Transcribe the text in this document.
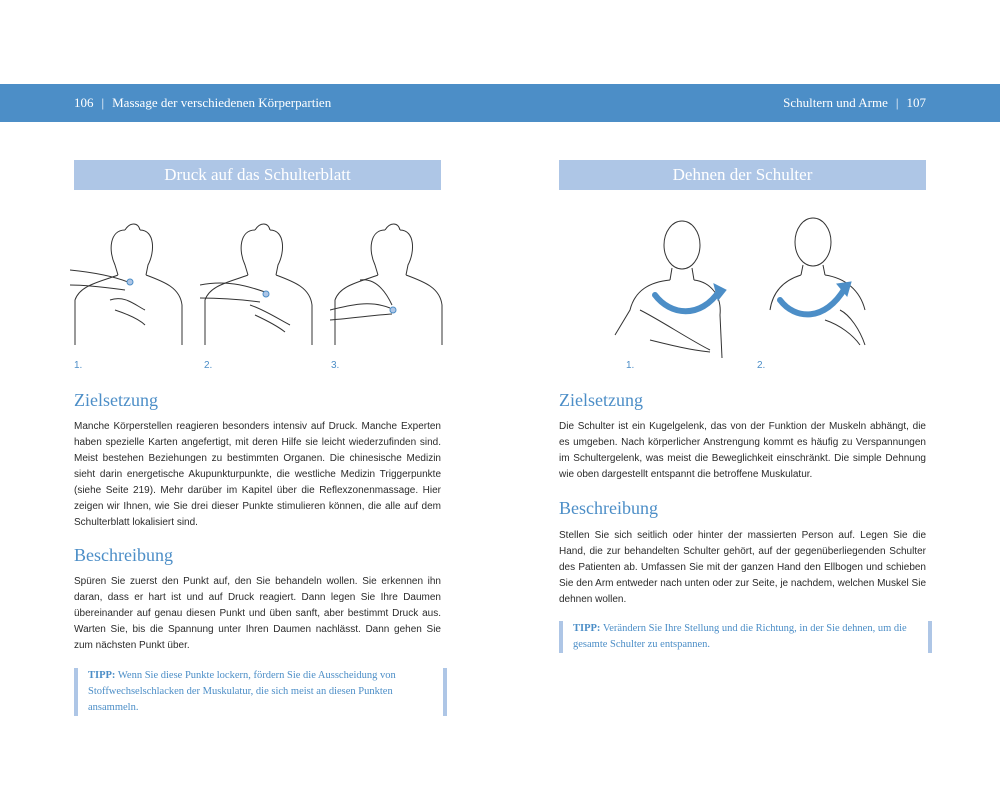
106 | Massage der verschiedenen Körperpartien	Schultern und Arme | 107
Druck auf das Schulterblatt
1.	2.	3.
Zielsetzung

Manche Körperstellen reagieren besonders intensiv auf Druck. Manche Experten haben spezielle Karten angefertigt, mit deren Hilfe sie leicht wiederzufinden sind. Meist bestehen Beziehungen zu bestimmten Organen. Die chinesische Medizin sieht darin energetische Akupunkturpunkte, die westliche Medizin Triggerpunkte (siehe Seite 219). Mehr darüber im Kapitel über die Reflexzonenmassage. Hier zeigen wir Ihnen, wie Sie drei dieser Punkte stimulieren können, die alle auf dem Schulterblatt lokalisiert sind.

Beschreibung

Spüren Sie zuerst den Punkt auf, den Sie behandeln wollen. Sie erkennen ihn daran, dass er hart ist und auf Druck reagiert. Dann legen Sie Ihre Daumen übereinander auf genau diesen Punkt und üben sanft, aber bestimmt Druck aus. Warten Sie, bis die Spannung unter Ihren Daumen nachlässt. Dann gehen Sie zum nächsten Punkt über.

TIPP: Wenn Sie diese Punkte lockern, fördern Sie die Ausscheidung von Stoffwechselschlacken der Muskulatur, die sich meist an diesen Punkten ansammeln.
Dehnen der Schulter
1.	2.
Zielsetzung

Die Schulter ist ein Kugelgelenk, das von der Funktion der Muskeln abhängt, die es umgeben. Nach körperlicher Anstrengung kommt es häufig zu Verspannungen im Schultergelenk, was meist die Beweglichkeit einschränkt. Die simple Dehnung wie oben dargestellt entspannt die betroffene Muskulatur.

Beschreibung

Stellen Sie sich seitlich oder hinter der massierten Person auf. Legen Sie die Hand, die zur behandelten Schulter gehört, auf der gegenüberliegenden Schulter des Patienten ab. Umfassen Sie mit der ganzen Hand den Ellbogen und schieben Sie den Arm entweder nach unten oder zur Seite, je nachdem, welchen Muskel Sie dehnen wollen.

TIPP: Verändern Sie Ihre Stellung und die Richtung, in der Sie dehnen, um die gesamte Schulter zu entspannen.
